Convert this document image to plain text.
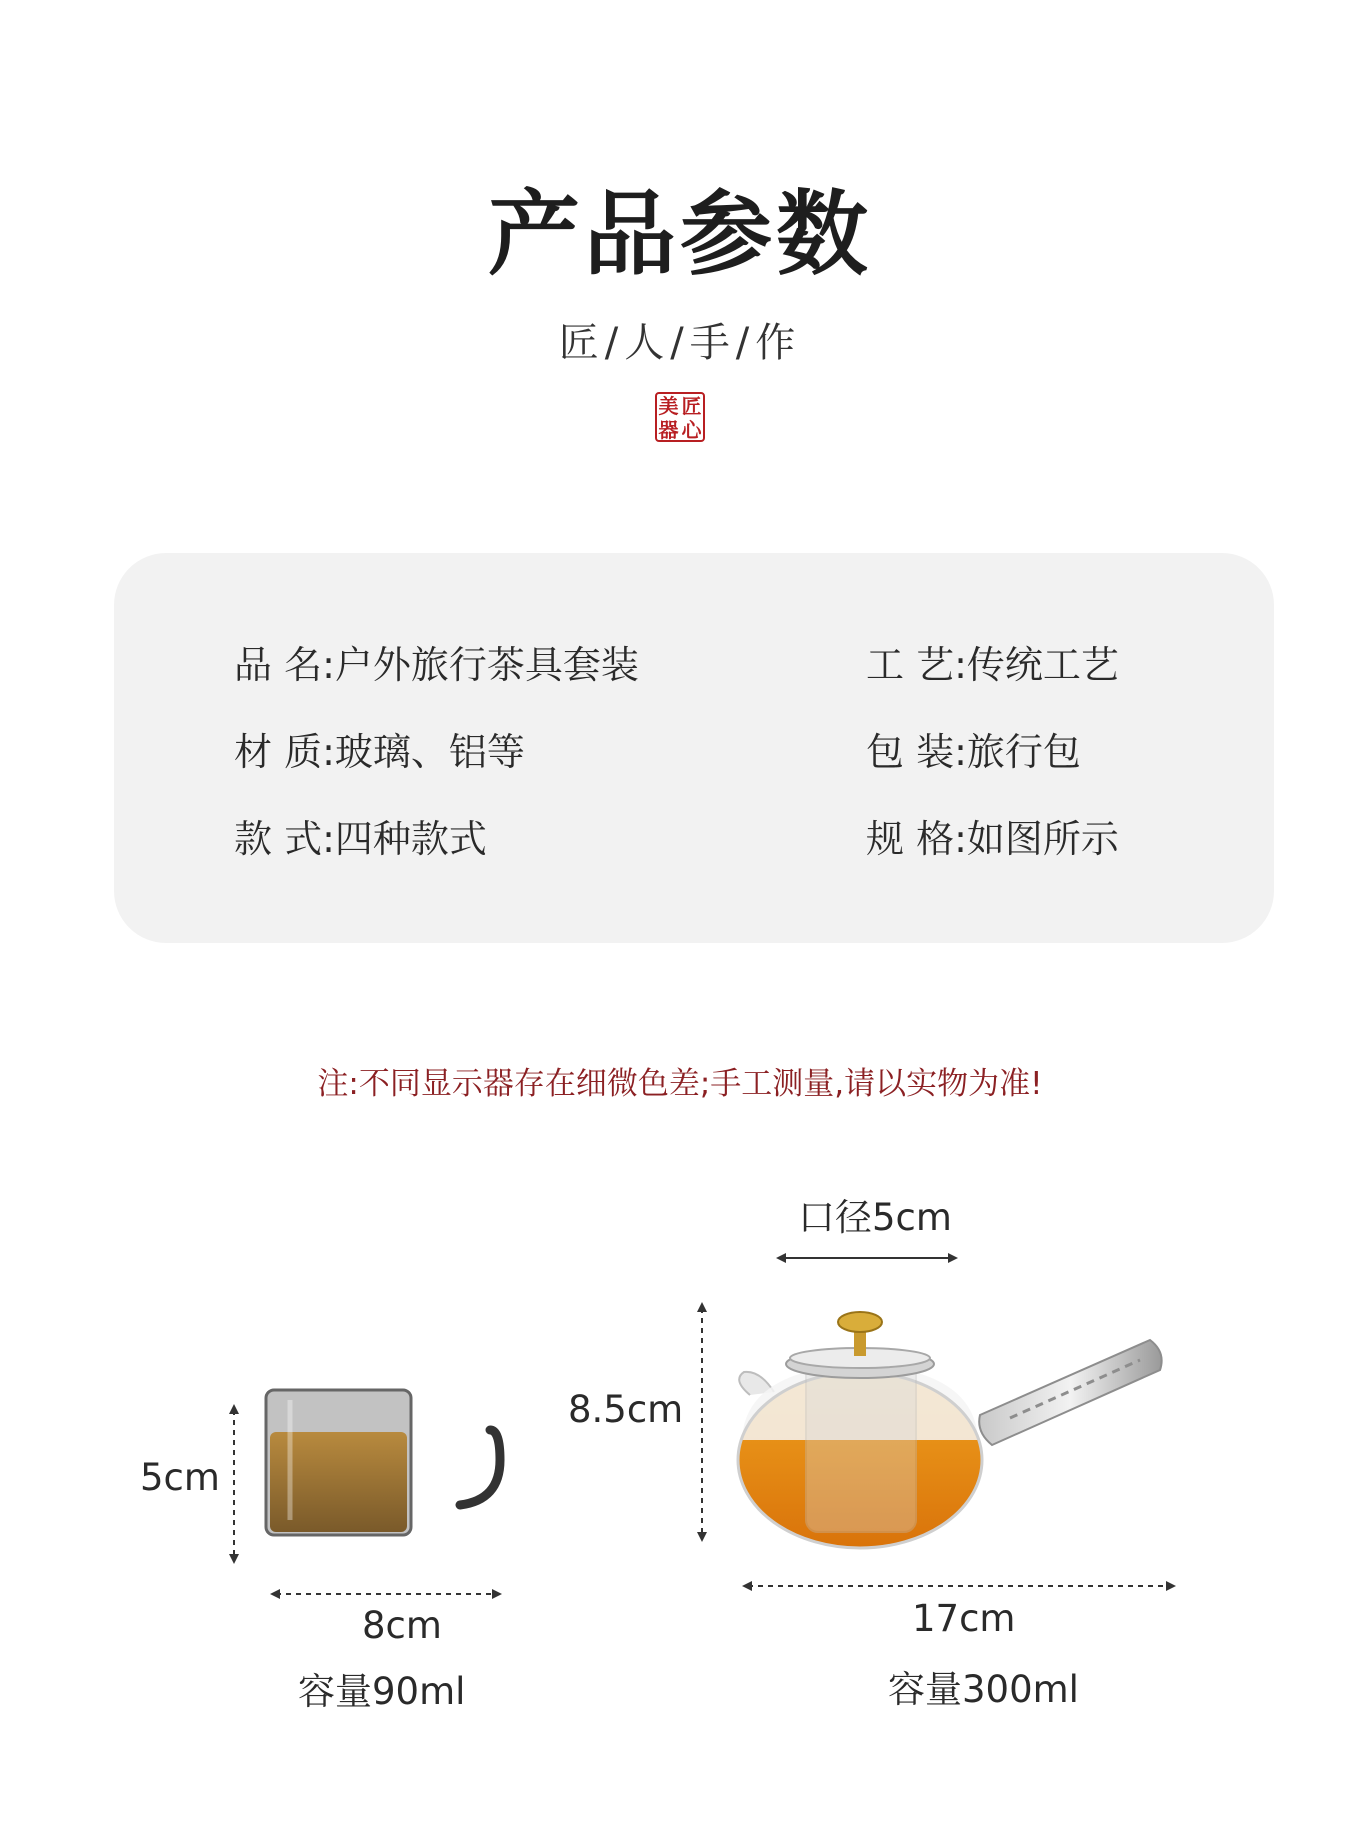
产品参数
匠/人/手/作
美 匠
器 心
品 名:户外旅行茶具套装
材 质:玻璃、铝等
款 式:四种款式
工 艺:传统工艺
包 装:旅行包
规 格:如图所示
注:不同显示器存在细微色差;手工测量,请以实物为准!
5cm
8cm
容量90ml
口径5cm
8.5cm
17cm
容量300ml
